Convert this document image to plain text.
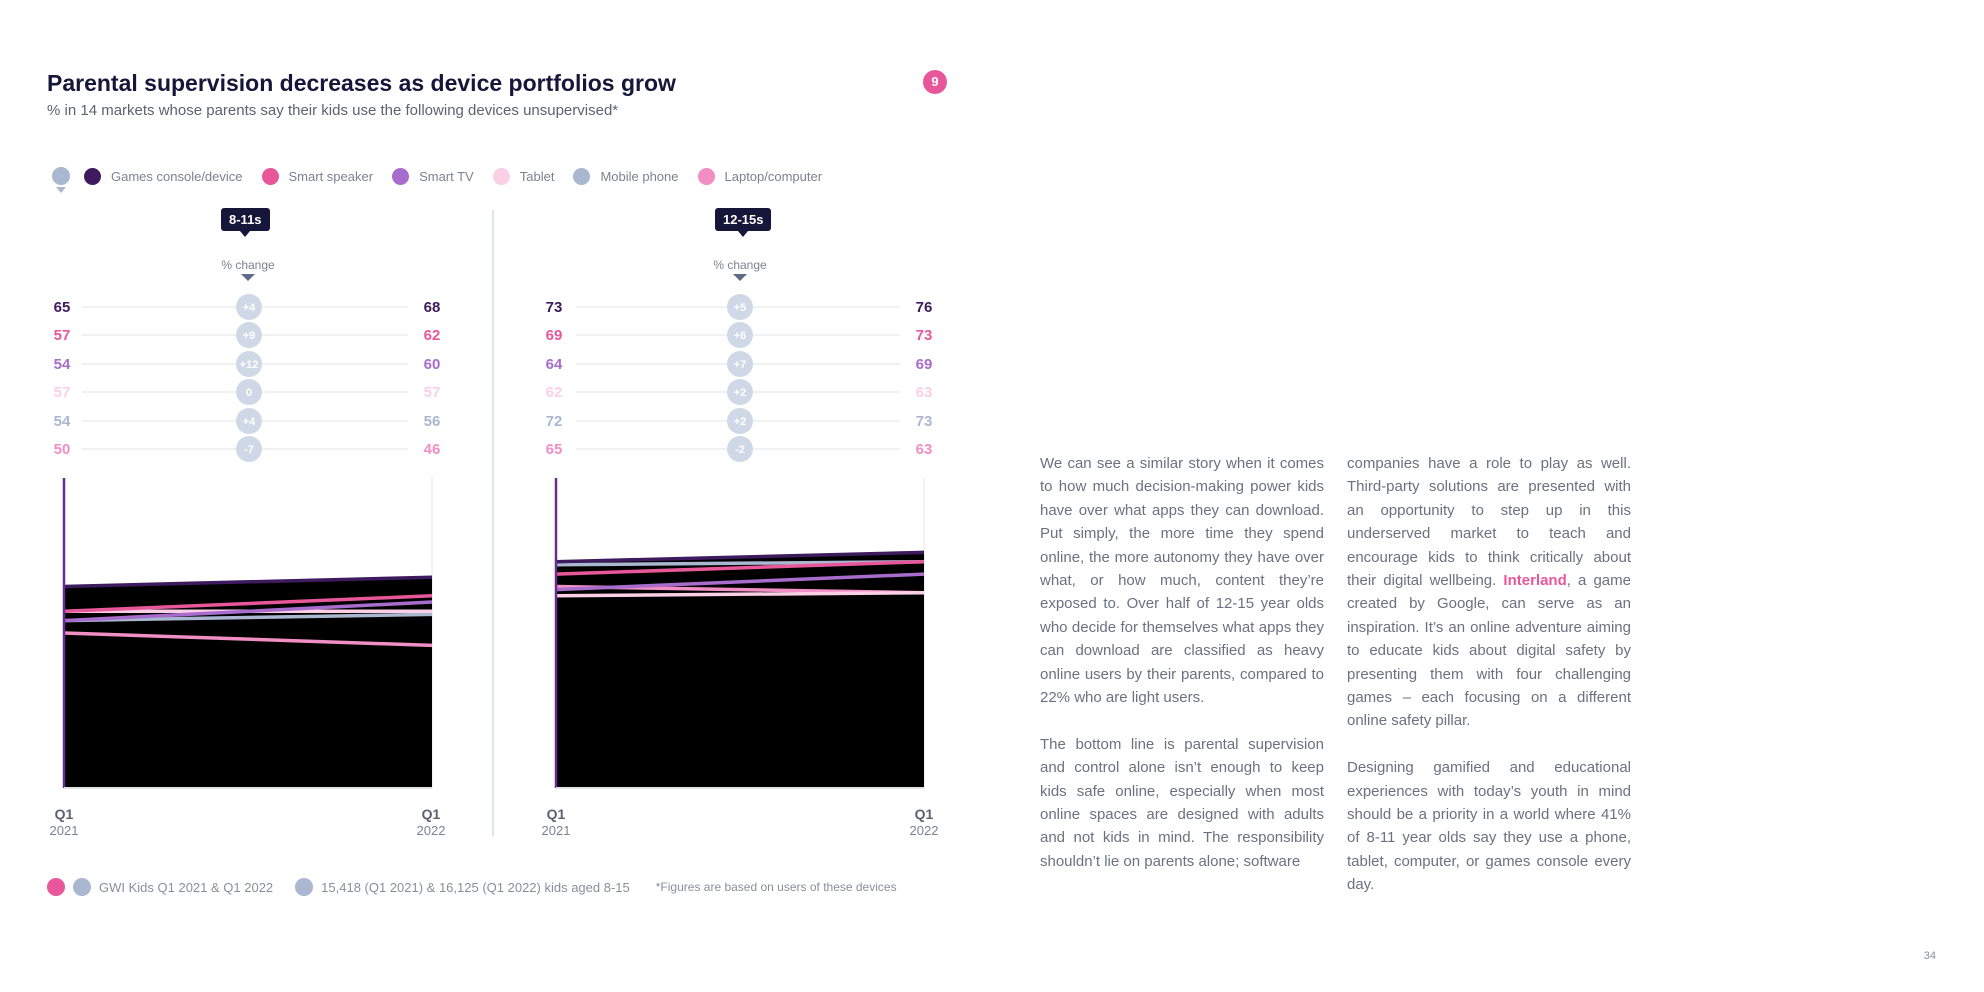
Parental supervision decreases as device portfolios grow
% in 14 markets whose parents say their kids use the following devices unsupervised*
9
Games console/device	Smart speaker	Smart TV	Tablet	Mobile phone	Laptop/computer
8-11s	12-15s
% change	% change
65	68
+4
57	62
+9
54	60
+12
57	57
0
54	56
+4
50	46
-7
73	76
+5
69	73
+6
64	69
+7
62	63
+2
72	73
+2
65	63
-2
Q1
2021
Q1
2022
Q1
2021
Q1
2022
GWI Kids Q1 2021 & Q1 2022	15,418 (Q1 2021) & 16,125 (Q1 2022) kids aged 8-15 *Figures are based on users of these devices

We can see a similar story when it comes to how much decision-making power kids have over what apps they can download. Put simply, the more time they spend online, the more autonomy they have over what, or how much, content they’re exposed to. Over half of 12-15 year olds who decide for themselves what apps they can download are classified as heavy online users by their parents, compared to 22% who are light users.

The bottom line is parental supervision and control alone isn’t enough to keep kids safe online, especially when most online spaces are designed with adults and not kids in mind. The responsibility shouldn’t lie on parents alone; software

companies have a role to play as well. Third-party solutions are presented with an opportunity to step up in this underserved market to teach and encourage kids to think critically about their digital wellbeing. Interland, a game created by Google, can serve as an inspiration. It’s an online adventure aiming to educate kids about digital safety by presenting them with four challenging games – each focusing on a different online safety pillar.

Designing gamified and educational experiences with today’s youth in mind should be a priority in a world where 41% of 8-11 year olds say they use a phone, tablet, computer, or games console every day.

34
